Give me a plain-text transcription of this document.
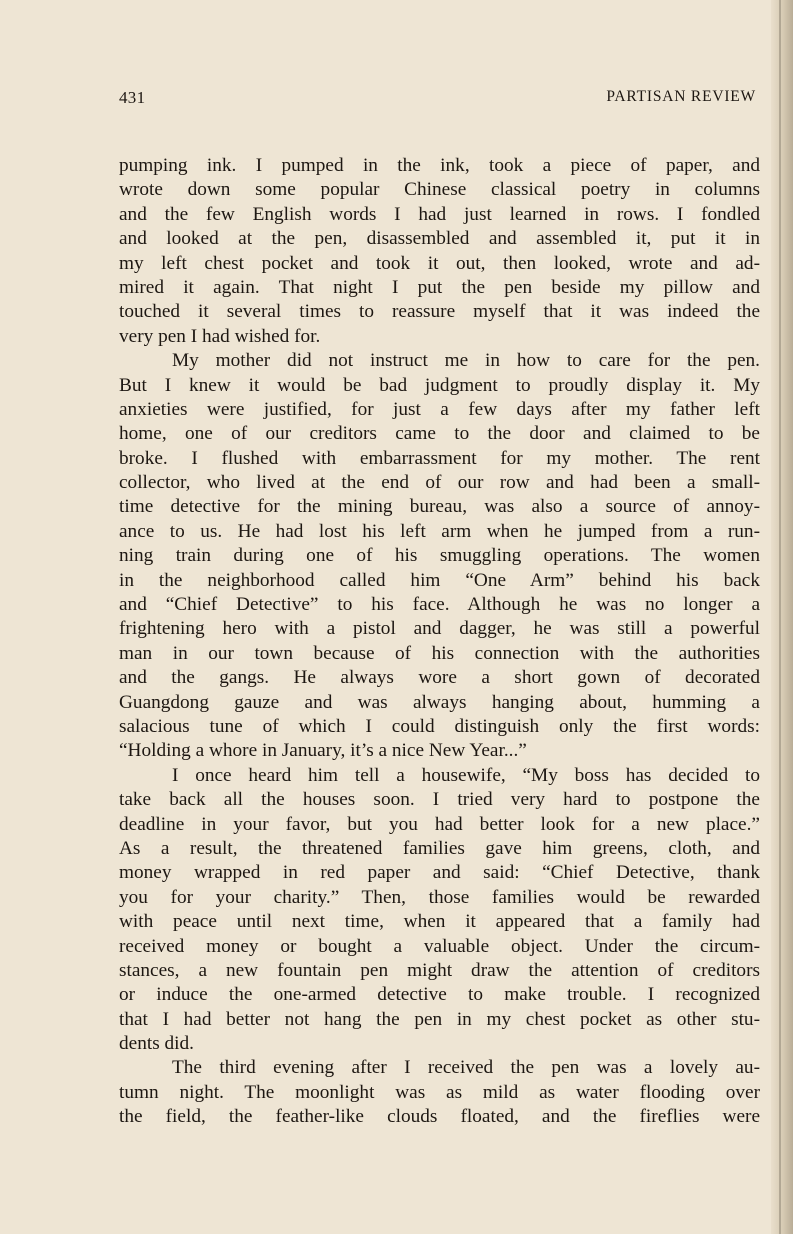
431	PARTISAN REVIEW
pumping ink. I pumped in the ink, took a piece of paper, and
wrote down some popular Chinese classical poetry in columns
and the few English words I had just learned in rows. I fondled
and looked at the pen, disassembled and assembled it, put it in
my left chest pocket and took it out, then looked, wrote and ad-
mired it again. That night I put the pen beside my pillow and
touched it several times to reassure myself that it was indeed the
very pen I had wished for.
My mother did not instruct me in how to care for the pen.
But I knew it would be bad judgment to proudly display it. My
anxieties were justified, for just a few days after my father left
home, one of our creditors came to the door and claimed to be
broke. I flushed with embarrassment for my mother. The rent
collector, who lived at the end of our row and had been a small-
time detective for the mining bureau, was also a source of annoy-
ance to us. He had lost his left arm when he jumped from a run-
ning train during one of his smuggling operations. The women
in the neighborhood called him “One Arm” behind his back
and “Chief Detective” to his face. Although he was no longer a
frightening hero with a pistol and dagger, he was still a powerful
man in our town because of his connection with the authorities
and the gangs. He always wore a short gown of decorated
Guangdong gauze and was always hanging about, humming a
salacious tune of which I could distinguish only the first words:
“Holding a whore in January, it’s a nice New Year...”
I once heard him tell a housewife, “My boss has decided to
take back all the houses soon. I tried very hard to postpone the
deadline in your favor, but you had better look for a new place.”
As a result, the threatened families gave him greens, cloth, and
money wrapped in red paper and said: “Chief Detective, thank
you for your charity.” Then, those families would be rewarded
with peace until next time, when it appeared that a family had
received money or bought a valuable object. Under the circum-
stances, a new fountain pen might draw the attention of creditors
or induce the one-armed detective to make trouble. I recognized
that I had better not hang the pen in my chest pocket as other stu-
dents did.
The third evening after I received the pen was a lovely au-
tumn night. The moonlight was as mild as water flooding over
the field, the feather-like clouds floated, and the fireflies were
